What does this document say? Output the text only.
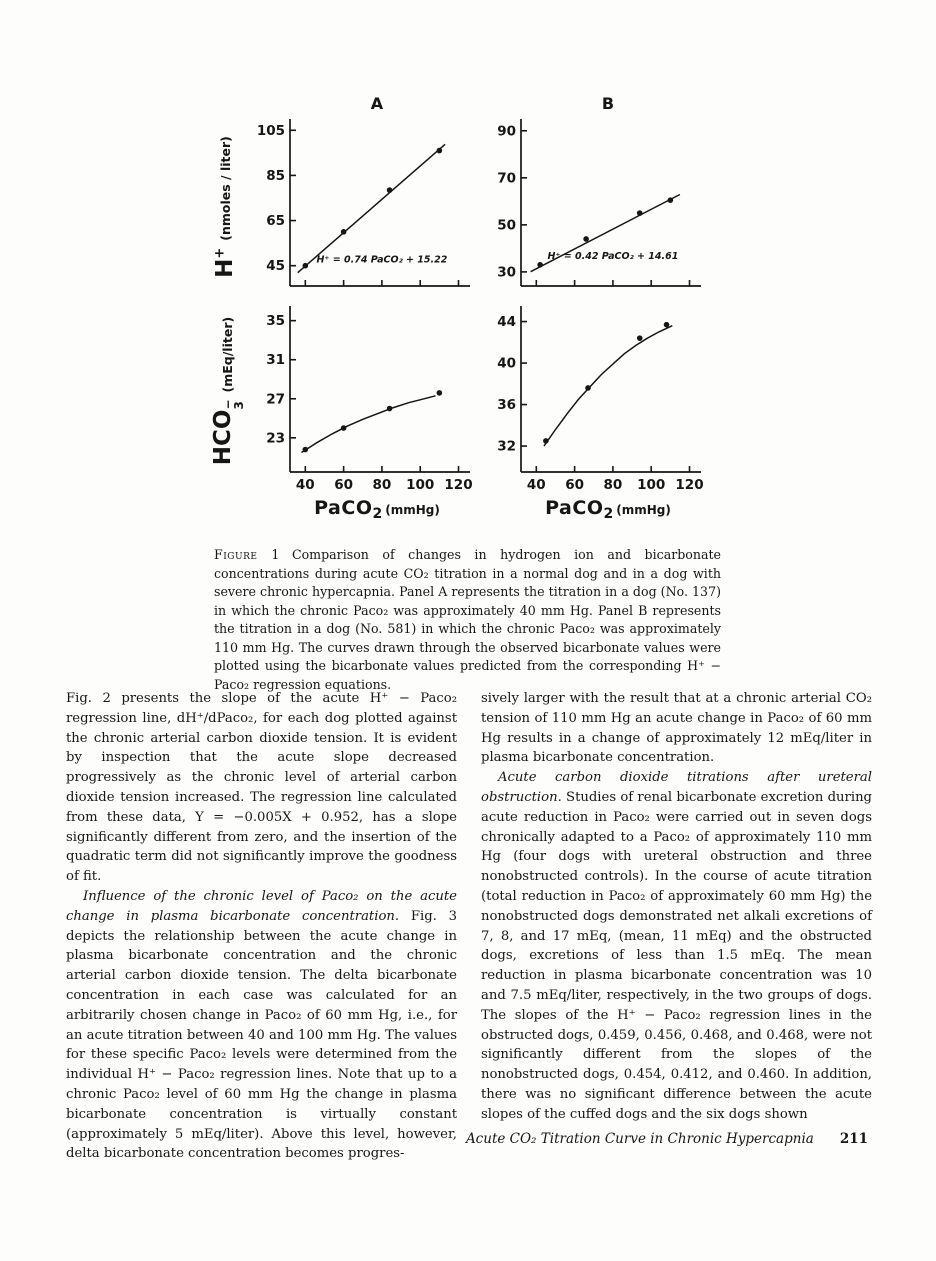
A	B
45
65
85
105
H⁺ = 0.74 PaCO₂ + 15.22
30
50
70
90
H⁺ = 0.42 PaCO₂ + 14.61
23
27
31
35
40 60 80 100 120
32
36
40
44
40 60 80 100 120
H+
(nmoles / liter)
HCO
−
3
(mEq/liter)
PaCO$_2$ (mmHg)	PaCO$_2$ (mmHg)
Figure 1 Comparison of changes in hydrogen ion and bicarbonate concentrations during acute CO₂ titration in a normal dog and in a dog with severe chronic hypercapnia. Panel A represents the titration in a dog (No. 137) in which the chronic Paco₂ was approximately 40 mm Hg. Panel B represents the titration in a dog (No. 581) in which the chronic Paco₂ was approximately 110 mm Hg. The curves drawn through the observed bicarbonate values were plotted using the bicarbonate values predicted from the corresponding H⁺ − Paco₂ regression equations.

Fig. 2 presents the slope of the acute H⁺ − Paco₂ regression line, dH⁺/dPaco₂, for each dog plotted against the chronic arterial carbon dioxide tension. It is evident by inspection that the acute slope decreased progressively as the chronic level of arterial carbon dioxide tension increased. The regression line calculated from these data, Y = −0.005X + 0.952, has a slope significantly different from zero, and the insertion of the quadratic term did not significantly improve the goodness of fit.

Influence of the chronic level of Paco₂ on the acute change in plasma bicarbonate concentration. Fig. 3 depicts the relationship between the acute change in plasma bicarbonate concentration and the chronic arterial carbon dioxide tension. The delta bicarbonate concentration in each case was calculated for an arbitrarily chosen change in Paco₂ of 60 mm Hg, i.e., for an acute titration between 40 and 100 mm Hg. The values for these specific Paco₂ levels were determined from the individual H⁺ − Paco₂ regression lines. Note that up to a chronic Paco₂ level of 60 mm Hg the change in plasma bicarbonate concentration is virtually constant (approximately 5 mEq/liter). Above this level, however, delta bicarbonate concentration becomes progres-

sively larger with the result that at a chronic arterial CO₂ tension of 110 mm Hg an acute change in Paco₂ of 60 mm Hg results in a change of approximately 12 mEq/liter in plasma bicarbonate concentration.

Acute carbon dioxide titrations after ureteral obstruction. Studies of renal bicarbonate excretion during acute reduction in Paco₂ were carried out in seven dogs chronically adapted to a Paco₂ of approximately 110 mm Hg (four dogs with ureteral obstruction and three nonobstructed controls). In the course of acute titration (total reduction in Paco₂ of approximately 60 mm Hg) the nonobstructed dogs demonstrated net alkali excretions of 7, 8, and 17 mEq, (mean, 11 mEq) and the obstructed dogs, excretions of less than 1.5 mEq. The mean reduction in plasma bicarbonate concentration was 10 and 7.5 mEq/liter, respectively, in the two groups of dogs. The slopes of the H⁺ − Paco₂ regression lines in the obstructed dogs, 0.459, 0.456, 0.468, and 0.468, were not significantly different from the slopes of the nonobstructed dogs, 0.454, 0.412, and 0.460. In addition, there was no significant difference between the acute slopes of the cuffed dogs and the six dogs shown

Acute CO₂ Titration Curve in Chronic Hypercapnia 211
